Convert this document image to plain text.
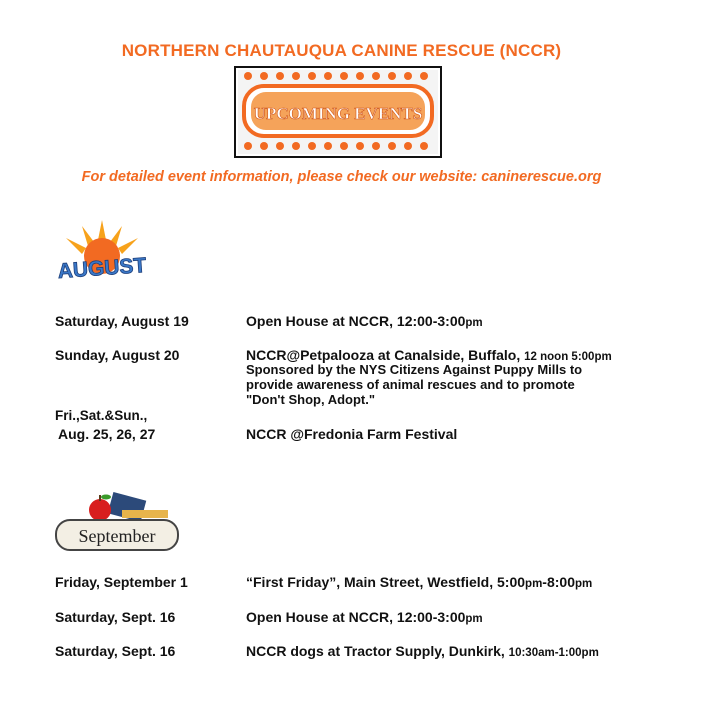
NORTHERN CHAUTAUQUA CANINE RESCUE (NCCR)
UPCOMING EVENTS
For detailed event information, please check our website: caninerescue.org
AUGUST
Saturday, August 19	Open House at NCCR, 12:00-3:00pm
Sunday, August 20	NCCR@Petpalooza at Canalside, Buffalo, 12 noon 5:00pm
Sponsored by the NYS Citizens Against Puppy Mills to
provide awareness of animal rescues and to promote
"Don't Shop, Adopt."
Fri.,Sat.&Sun.,
Aug. 25, 26, 27	NCCR @Fredonia Farm Festival
September
Friday, September 1	“First Friday”, Main Street, Westfield, 5:00pm-8:00pm
Saturday, Sept. 16	Open House at NCCR, 12:00-3:00pm
Saturday, Sept. 16	NCCR dogs at Tractor Supply, Dunkirk, 10:30am-1:00pm
